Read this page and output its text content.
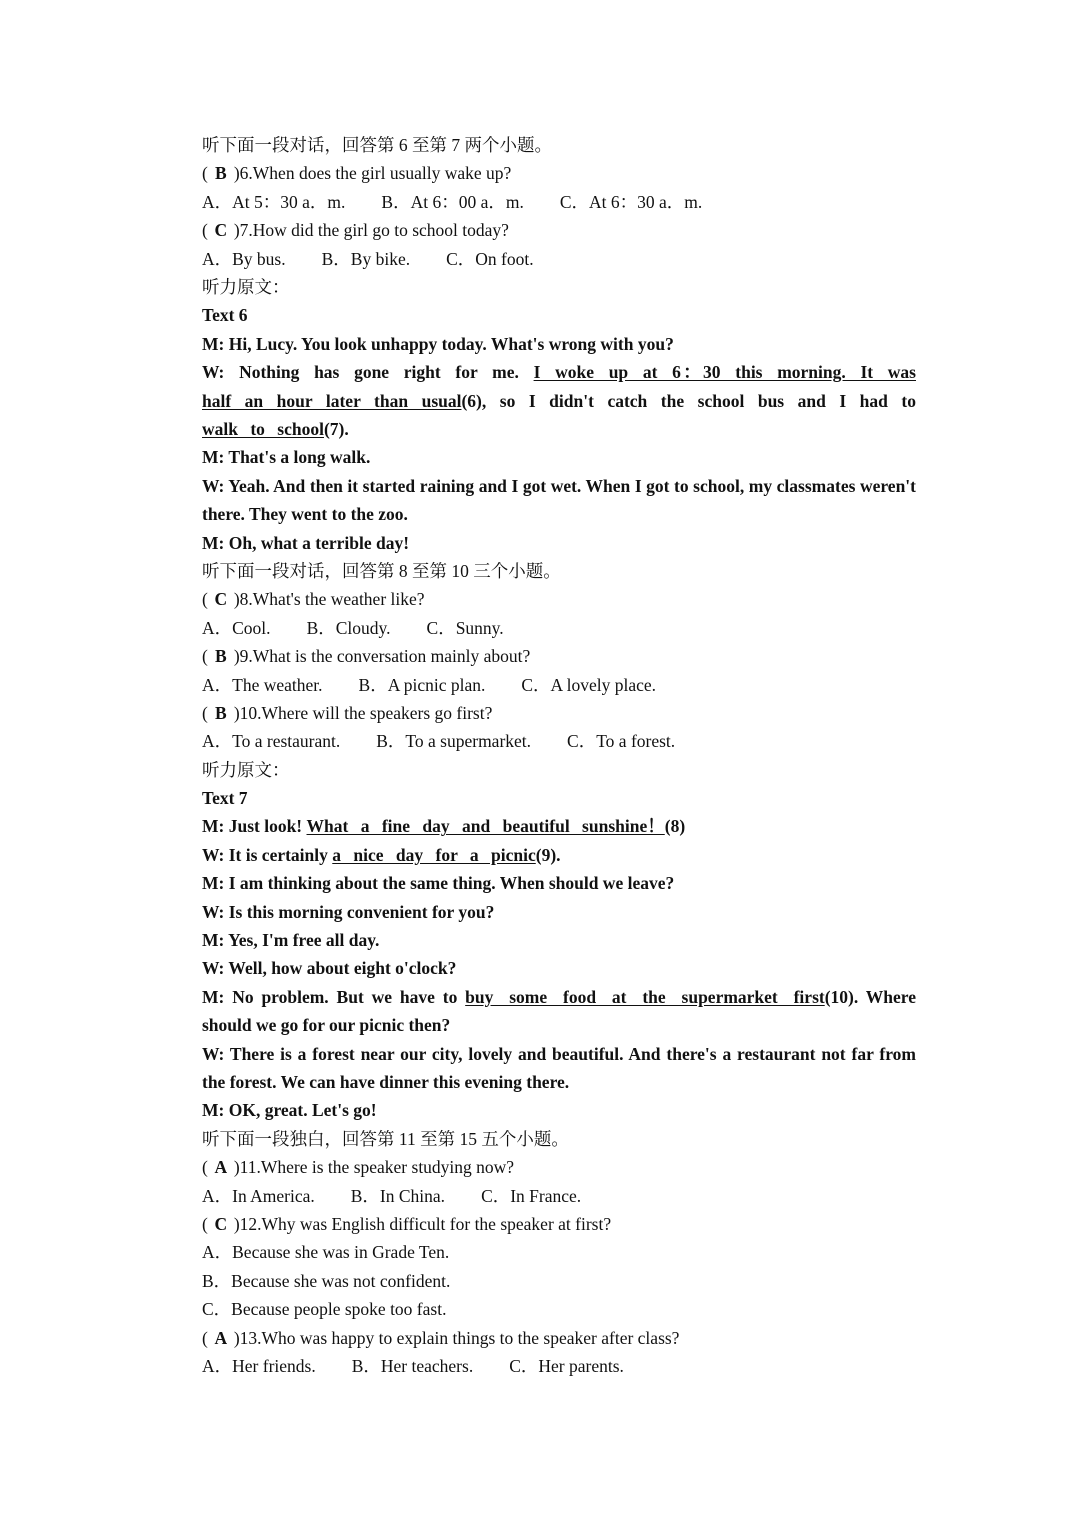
听下面一段对话，回答第 6 至第 7 两个小题。
( B )6.When does the girl usually wake up?
A．At 5：30 a．m. B．At 6：00 a．m. C．At 6：30 a．m.
( C )7.How did the girl go to school today?
A．By bus. B．By bike. C．On foot.
听力原文：
Text 6
M: Hi, Lucy. You look unhappy today. What's wrong with you?
W: Nothing has gone right for me. I woke up at 6：30 this morning. It was half an hour later than usual(6), so I didn't catch the school bus and I had to walk to school(7).
M: That's a long walk.
W: Yeah. And then it started raining and I got wet. When I got to school, my classmates weren't there. They went to the zoo.
M: Oh, what a terrible day!
听下面一段对话，回答第 8 至第 10 三个小题。
( C )8.What's the weather like?
A．Cool. B．Cloudy. C．Sunny.
( B )9.What is the conversation mainly about?
A．The weather. B．A picnic plan. C．A lovely place.
( B )10.Where will the speakers go first?
A．To a restaurant. B．To a supermarket. C．To a forest.
听力原文：
Text 7
M: Just look! What a fine day and beautiful sunshine！(8)
W: It is certainly a nice day for a picnic(9).
M: I am thinking about the same thing. When should we leave?
W: Is this morning convenient for you?
M: Yes, I'm free all day.
W: Well, how about eight o'clock?
M: No problem. But we have to buy some food at the supermarket first(10). Where should we go for our picnic then?
W: There is a forest near our city, lovely and beautiful. And there's a restaurant not far from the forest. We can have dinner this evening there.
M: OK, great. Let's go!
听下面一段独白，回答第 11 至第 15 五个小题。
( A )11.Where is the speaker studying now?
A．In America. B．In China. C．In France.
( C )12.Why was English difficult for the speaker at first?
A．Because she was in Grade Ten.
B．Because she was not confident.
C．Because people spoke too fast.
( A )13.Who was happy to explain things to the speaker after class?
A．Her friends. B．Her teachers. C．Her parents.
